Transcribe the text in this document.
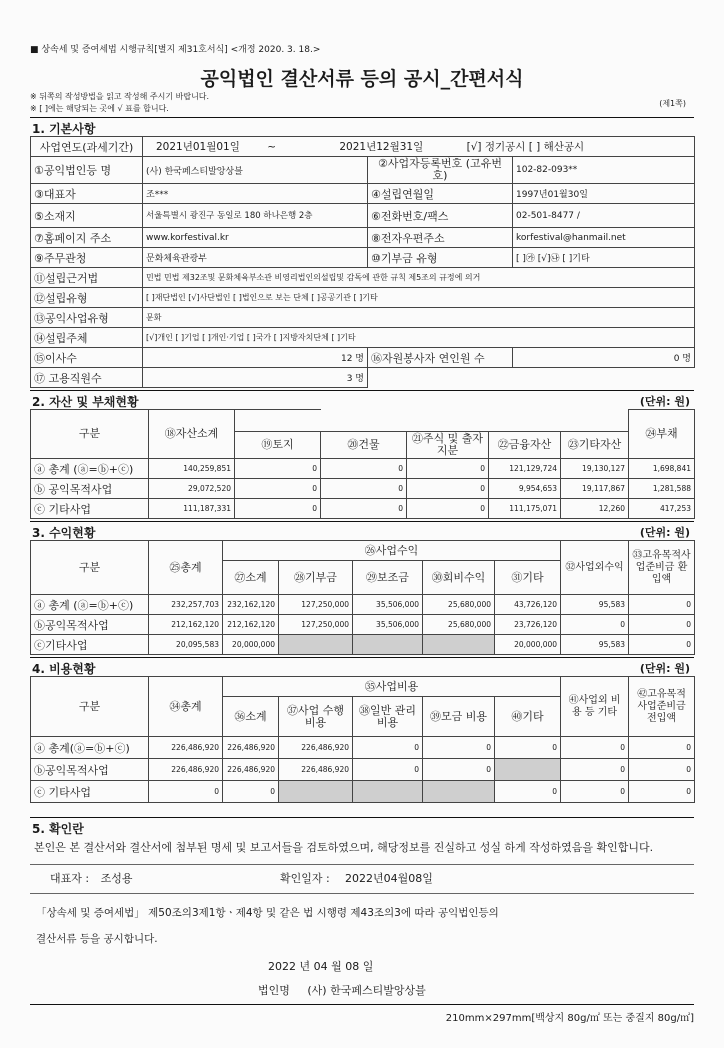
■ 상속세 및 증여세법 시행규칙[별지 제31호서식] <개정 2020. 3. 18.>
공익법인 결산서류 등의 공시_간편서식
※ 뒤쪽의 작성방법을 읽고 작성해 주시기 바랍니다.
※ [ ]에는 해당되는 곳에 √ 표를 합니다.
(제1쪽)
1. 기본사항
사업연도(과세기간)	2021년01월01일 ~ 2021년12월31일 [√] 정기공시 [ ] 해산공시		
①공익법인등 명	(사) 한국페스티발앙상블	②사업자등록번호 (고유번호)	102-82-093**
③대표자	조***	④설립연월일	1997년01월30일
⑤소재지	서울특별시 광진구 동일로 180 하나은행 2층	⑥전화번호/팩스	02-501-8477 /
⑦홈페이지 주소	www.korfestival.kr	⑧전자우편주소	korfestival@hanmail.net
⑨주무관청	문화체육관광부	⑩기부금 유형	[ ]㉮ [√]㉯ [ ]기타
⑪설립근거법	민법 민법 제32조및 문화체육부소관 비영리법인의설립및 감독에 관한 규칙 제5조의 규정에 의거		
⑫설립유형	[ ]재단법인 [√]사단법인 [ ]법인으로 보는 단체 [ ]공공기관 [ ]기타		
⑬공익사업유형	문화		
⑭설립주체	[√]개인 [ ]기업 [ ]개인·기업 [ ]국가 [ ]지방자치단체 [ ]기타		
⑮이사수	12 명	⑯자원봉사자 연인원 수	0 명
⑰ 고용직원수	3 명		
2. 자산 및 부채현황	(단위: 원)
구분	⑱자산소계						㉔부채
		⑲토지	⑳건물	㉑주식 및 출자지분	㉒금융자산	㉓기타자산	
ⓐ 총계 (ⓐ=ⓑ+ⓒ)	140,259,851	0	0	0	121,129,724	19,130,127	1,698,841
ⓑ 공익목적사업	29,072,520	0	0	0	9,954,653	19,117,867	1,281,588
ⓒ 기타사업	111,187,331	0	0	0	111,175,071	12,260	417,253
3. 수익현황	(단위: 원)
구분	㉕총계	㉖사업수익					㉜사업외수익	㉝고유목적사업준비금 환입액
		㉗소계	㉘기부금	㉙보조금	㉚회비수익	㉛기타		
ⓐ 총계 (ⓐ=ⓑ+ⓒ)	232,257,703	232,162,120	127,250,000	35,506,000	25,680,000	43,726,120	95,583	0
ⓑ공익목적사업	212,162,120	212,162,120	127,250,000	35,506,000	25,680,000	23,726,120	0	0
ⓒ기타사업	20,095,583	20,000,000				20,000,000	95,583	0
4. 비용현황	(단위: 원)
구분	㉞총계	㉟사업비용					㊶사업외 비용 등 기타	㊷고유목적 사업준비금 전입액
		㊱소계	㊲사업 수행비용	㊳일반 관리비용	㊴모금 비용	㊵기타		
ⓐ 총계(ⓐ=ⓑ+ⓒ)	226,486,920	226,486,920	226,486,920	0	0	0	0	0
ⓑ공익목적사업	226,486,920	226,486,920	226,486,920	0	0		0	0
ⓒ 기타사업	0	0				0	0	0
5. 확인란
본인은 본 결산서와 결산서에 첨부된 명세 및 보고서들을 검토하였으며, 해당정보를 진실하고 성실 하게 작성하였음을 확인합니다.
대표자 : 조성용	확인일자 : 2022년04월08일
「상속세 및 증여세법」 제50조의3제1항ㆍ제4항 및 같은 법 시행령 제43조의3에 따라 공익법인등의
결산서류 등을 공시합니다.
2022 년 04 월 08 일
법인명 (사) 한국페스티발앙상블
210mm×297mm[백상지 80g/㎡ 또는 중질지 80g/㎡]
